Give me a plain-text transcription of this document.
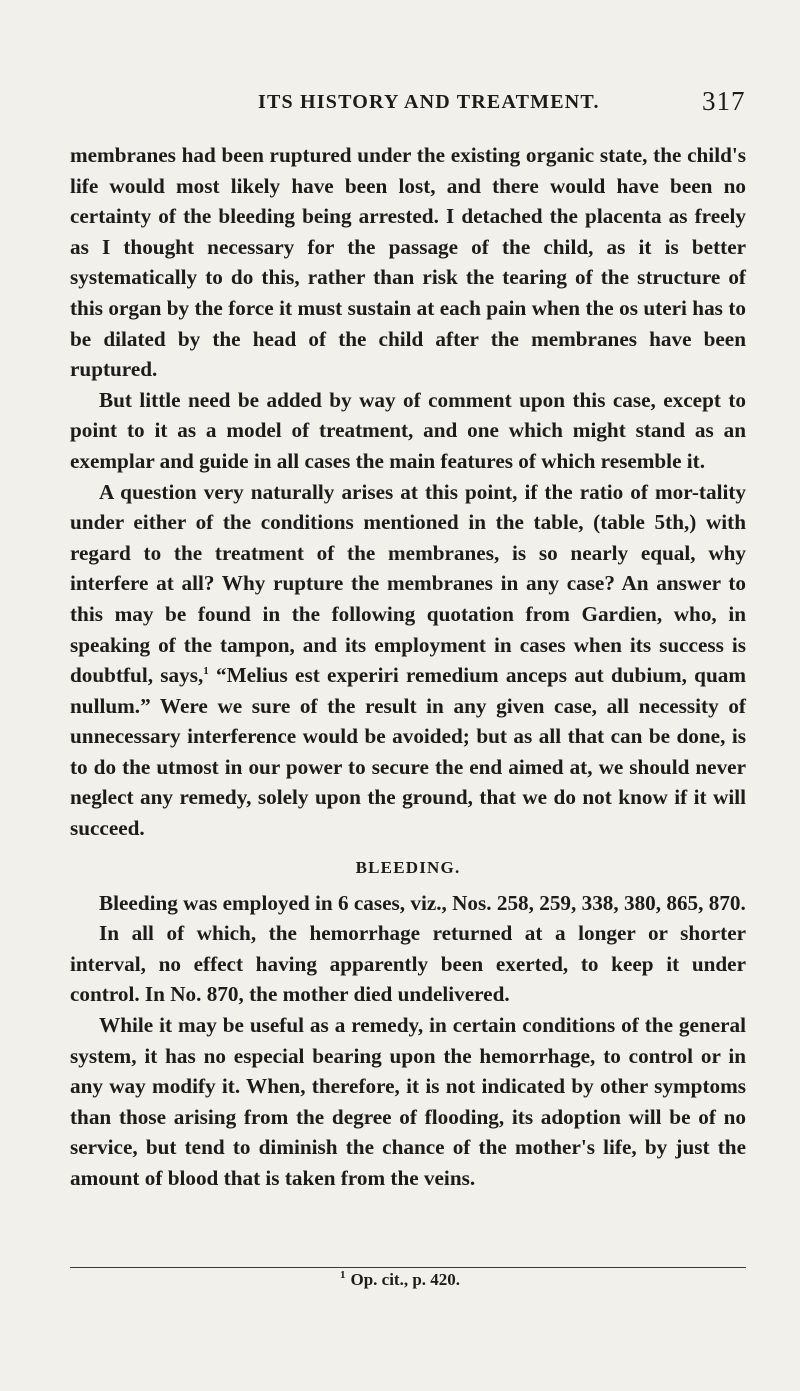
ITS HISTORY AND TREATMENT.	317

membranes had been ruptured under the existing organic state, the child's life would most likely have been lost, and there would have been no certainty of the bleeding being arrested. I detached the placenta as freely as I thought necessary for the passage of the child, as it is better systematically to do this, rather than risk the tearing of the structure of this organ by the force it must sustain at each pain when the os uteri has to be dilated by the head of the child after the membranes have been ruptured.

But little need be added by way of comment upon this case, except to point to it as a model of treatment, and one which might stand as an exemplar and guide in all cases the main features of which resemble it.

A question very naturally arises at this point, if the ratio of mor-tality under either of the conditions mentioned in the table, (table 5th,) with regard to the treatment of the membranes, is so nearly equal, why interfere at all? Why rupture the membranes in any case? An answer to this may be found in the following quotation from Gardien, who, in speaking of the tampon, and its employment in cases when its success is doubtful, says,$^1$ “Melius est experiri remedium anceps aut dubium, quam nullum.” Were we sure of the result in any given case, all necessity of unnecessary interference would be avoided; but as all that can be done, is to do the utmost in our power to secure the end aimed at, we should never neglect any remedy, solely upon the ground, that we do not know if it will succeed.

BLEEDING.

Bleeding was employed in 6 cases, viz., Nos. 258, 259, 338, 380, 865, 870.

In all of which, the hemorrhage returned at a longer or shorter interval, no effect having apparently been exerted, to keep it under control. In No. 870, the mother died undelivered.

While it may be useful as a remedy, in certain conditions of the general system, it has no especial bearing upon the hemorrhage, to control or in any way modify it. When, therefore, it is not indicated by other symptoms than those arising from the degree of flooding, its adoption will be of no service, but tend to diminish the chance of the mother's life, by just the amount of blood that is taken from the veins.

$^1$ Op. cit., p. 420.
